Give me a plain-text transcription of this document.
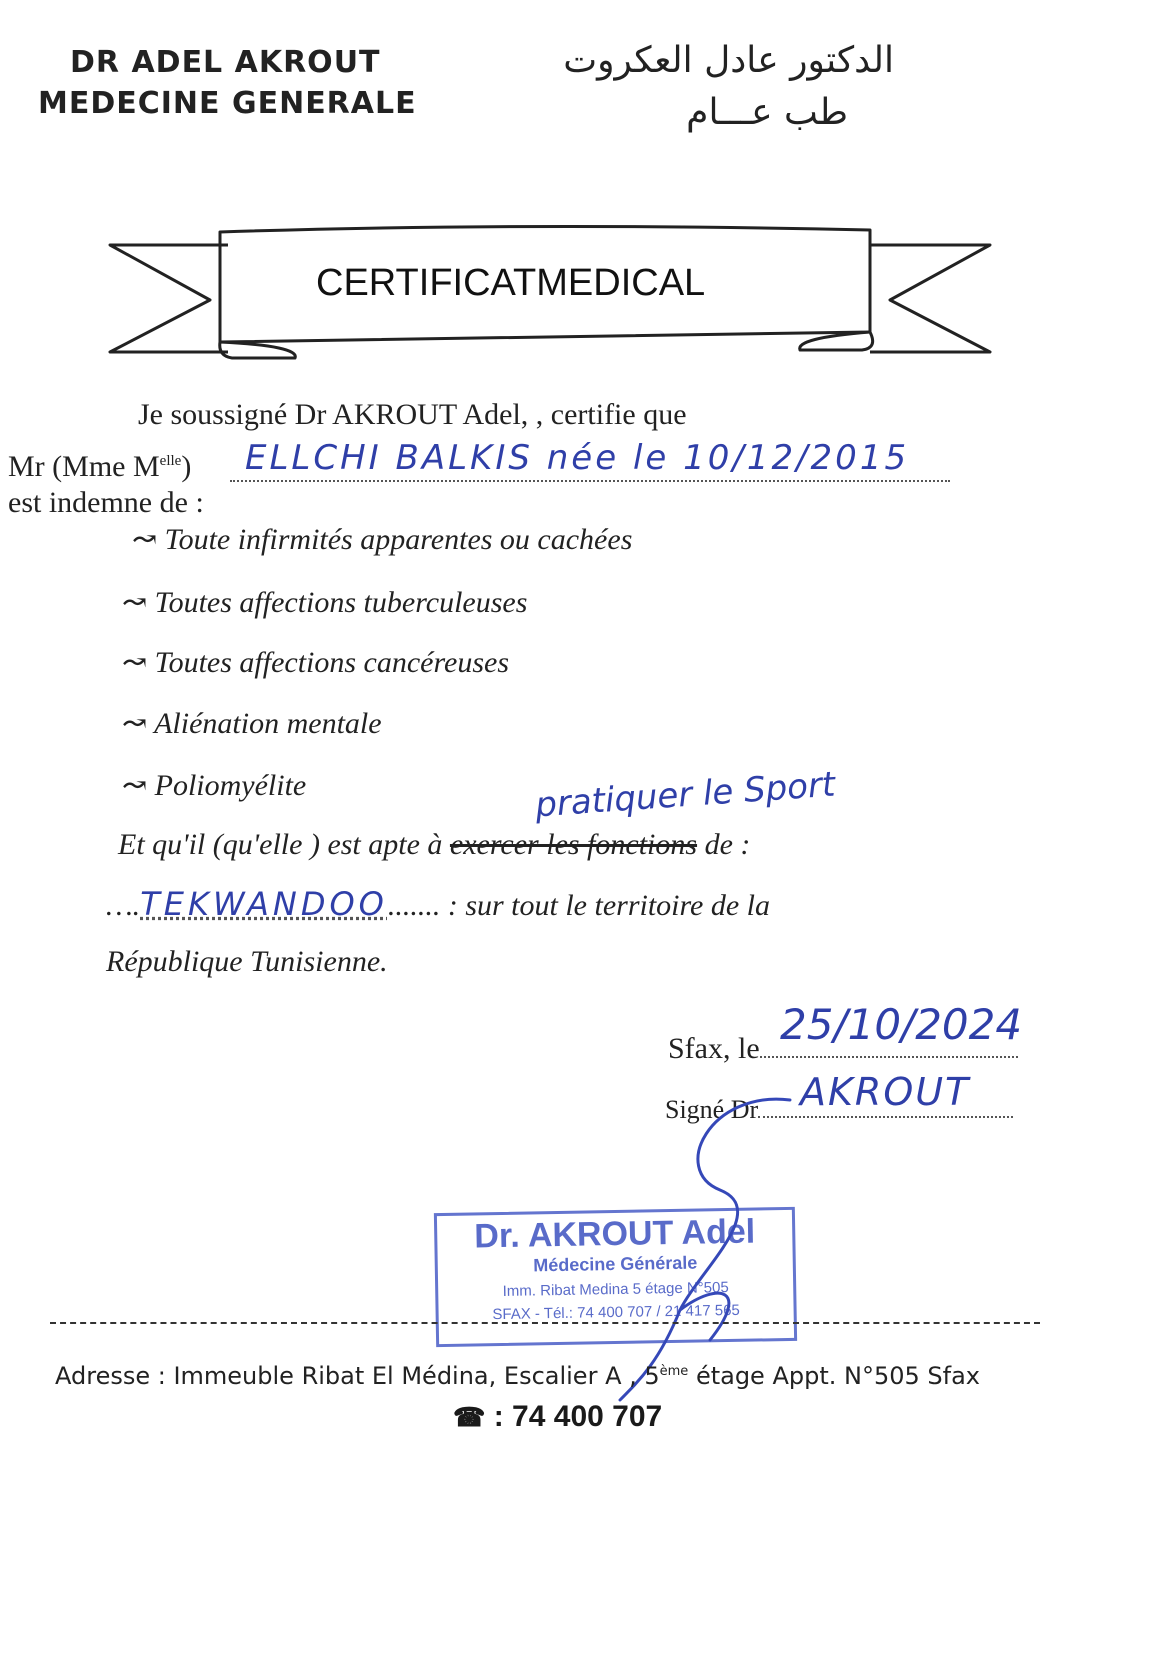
DR ADEL AKROUT
MEDECINE GENERALE
الدكتور عادل العكروت
طب عـــام
CERTIFICATMEDICAL
Je soussigné Dr AKROUT Adel, , certifie que
Mr (Mme $M^{elle}$) ELLCHI BALKIS née le 10/12/2015
est indemne de :
↝ Toute infirmités apparentes ou cachées
↝ Toutes affections tuberculeuses
↝ Toutes affections cancéreuses
↝ Aliénation mentale
↝ Poliomyélite	pratiquer le Sport
Et qu'il (qu'elle ) est apte à exercer les fonctions de :
….TEKWANDOO....... : sur tout le territoire de la
République Tunisienne.
Sfax, le 25/10/2024
Signé Dr	AKROUT
Dr. AKROUT Adel
Médecine Générale
Imm. Ribat Medina 5 étage N°505
SFAX - Tél.: 74 400 707 / 21 417 565
Adresse : Immeuble Ribat El Médina, Escalier A , 5ème étage Appt. N°505 Sfax
☎ : 74 400 707
